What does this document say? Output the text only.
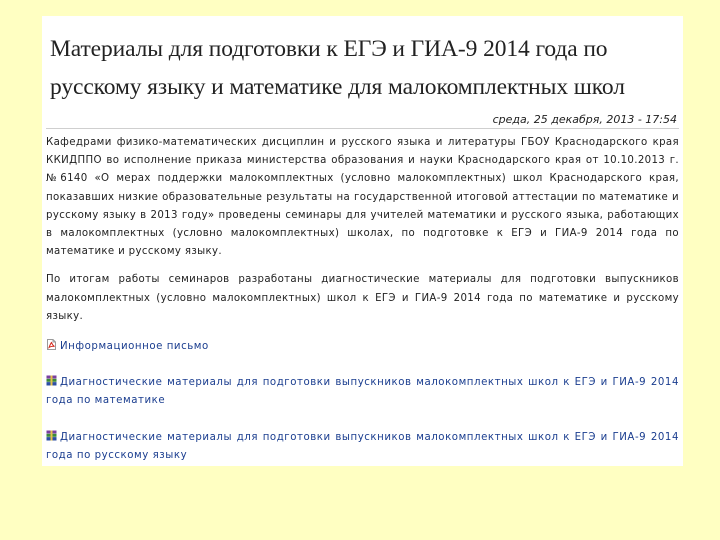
Материалы для подготовки к ЕГЭ и ГИА-9 2014 года по русскому языку и математике для малокомплектных школ
среда, 25 декабря, 2013 - 17:54

Кафедрами физико-математических дисциплин и русского языка и литературы ГБОУ Краснодарского края ККИДППО во исполнение приказа министерства образования и науки Краснодарского края от 10.10.2013 г. №6140 «О мерах поддержки малокомплектных (условно малокомплектных) школ Краснодарского края, показавших низкие образовательные результаты на государственной итоговой аттестации по математике и русскому языку в 2013 году» проведены семинары для учителей математики и русского языка, работающих в малокомплектных (условно малокомплектных) школах, по подготовке к ЕГЭ и ГИА-9 2014 года по математике и русскому языку.

По итогам работы семинаров разработаны диагностические материалы для подготовки выпускников малокомплектных (условно малокомплектных) школ к ЕГЭ и ГИА-9 2014 года по математике и русскому языку.

Информационное письмо
Диагностические материалы для подготовки выпускников малокомплектных школ к ЕГЭ и ГИА-9 2014 года по математике
Диагностические материалы для подготовки выпускников малокомплектных школ к ЕГЭ и ГИА-9 2014 года по русскому языку
